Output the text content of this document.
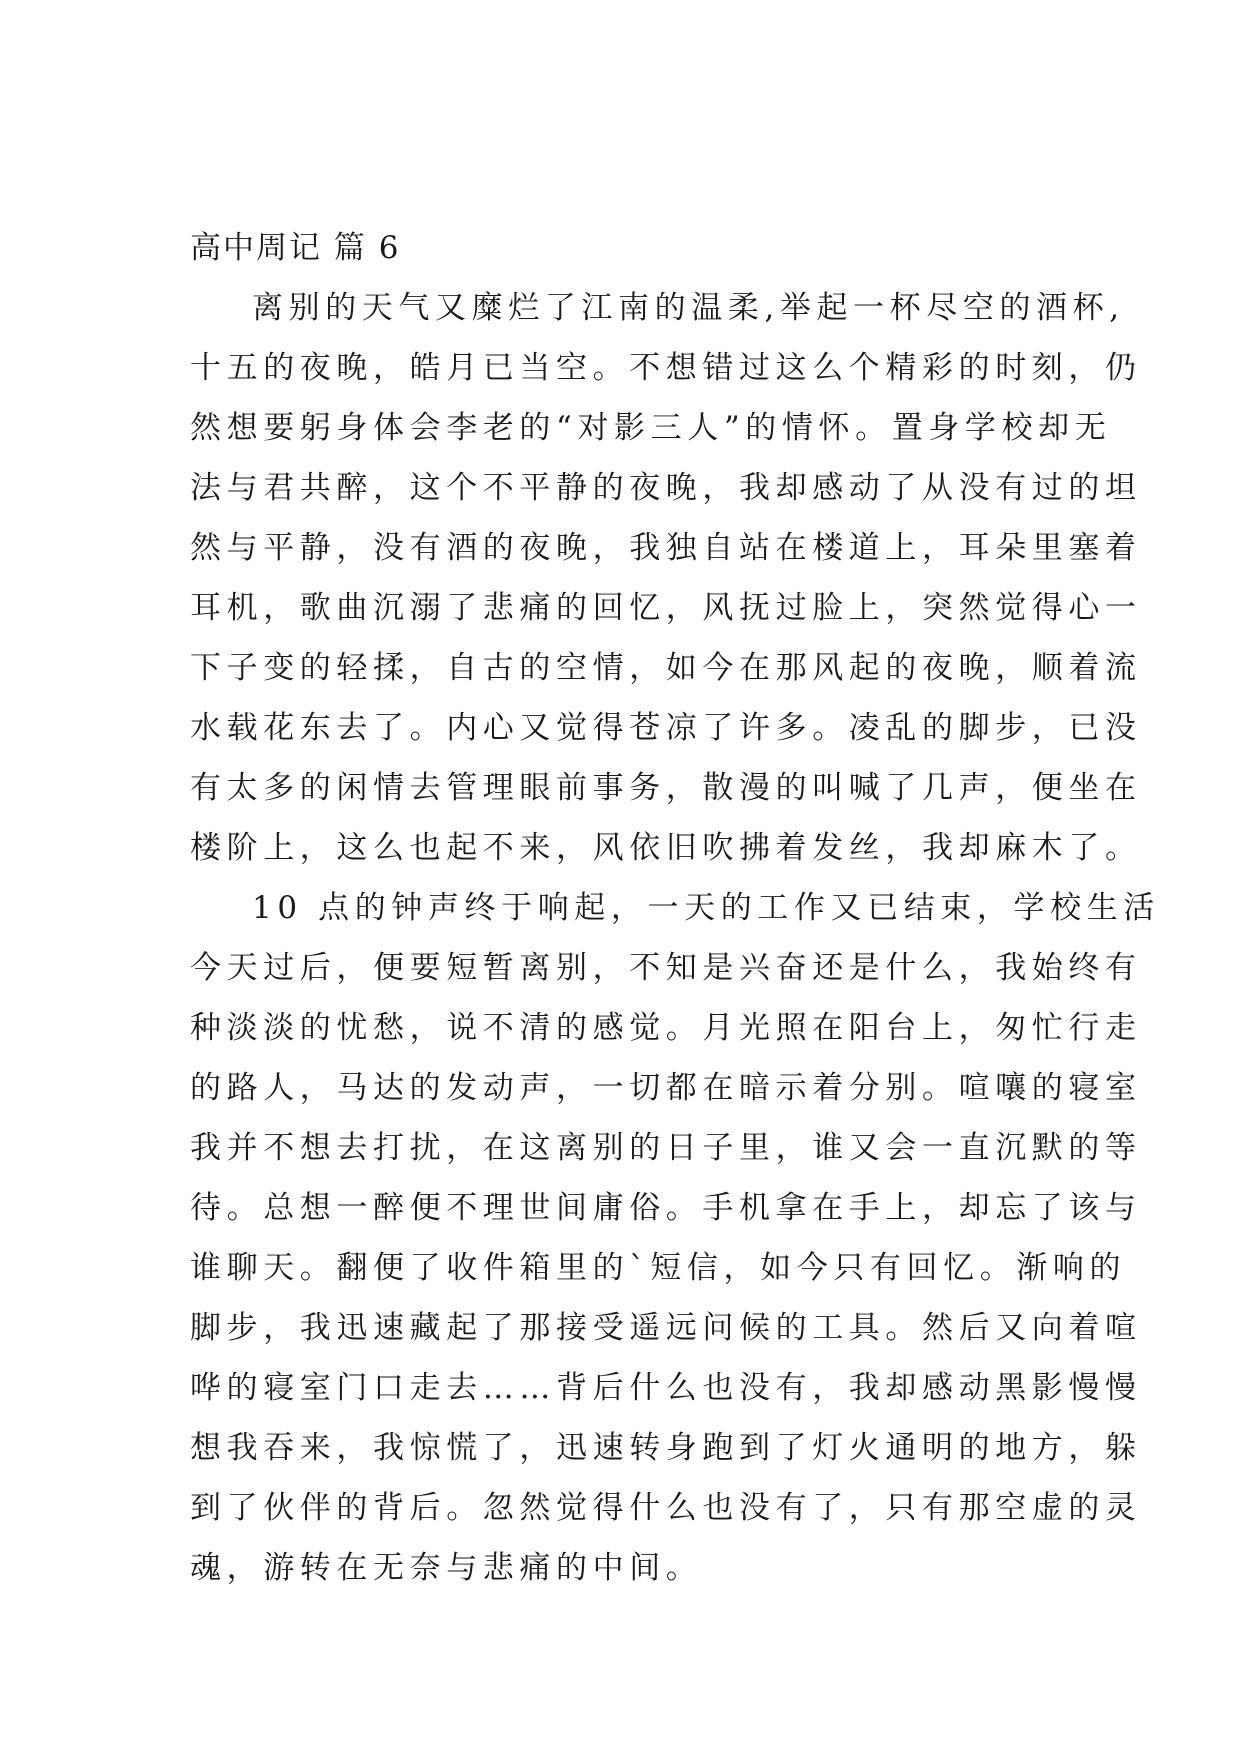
高中周记 篇 6
离别的天气又糜烂了江南的温柔,举起一杯尽空的酒杯,
十五的夜晚，皓月已当空。不想错过这么个精彩的时刻，仍
然想要躬身体会李老的“对影三人”的情怀。置身学校却无
法与君共醉，这个不平静的夜晚，我却感动了从没有过的坦
然与平静，没有酒的夜晚，我独自站在楼道上，耳朵里塞着
耳机，歌曲沉溺了悲痛的回忆，风抚过脸上，突然觉得心一
下子变的轻揉，自古的空情，如今在那风起的夜晚，顺着流
水载花东去了。内心又觉得苍凉了许多。凌乱的脚步，已没
有太多的闲情去管理眼前事务，散漫的叫喊了几声，便坐在
楼阶上，这么也起不来，风依旧吹拂着发丝，我却麻木了。
10 点的钟声终于响起，一天的工作又已结束，学校生活
今天过后，便要短暂离别，不知是兴奋还是什么，我始终有
种淡淡的忧愁，说不清的感觉。月光照在阳台上，匆忙行走
的路人，马达的发动声，一切都在暗示着分别。喧嚷的寝室
我并不想去打扰，在这离别的日子里，谁又会一直沉默的等
待。总想一醉便不理世间庸俗。手机拿在手上，却忘了该与
谁聊天。翻便了收件箱里的`短信，如今只有回忆。渐响的
脚步，我迅速藏起了那接受遥远问候的工具。然后又向着喧
哗的寝室门口走去……背后什么也没有，我却感动黑影慢慢
想我吞来，我惊慌了，迅速转身跑到了灯火通明的地方，躲
到了伙伴的背后。忽然觉得什么也没有了，只有那空虚的灵
魂，游转在无奈与悲痛的中间。
